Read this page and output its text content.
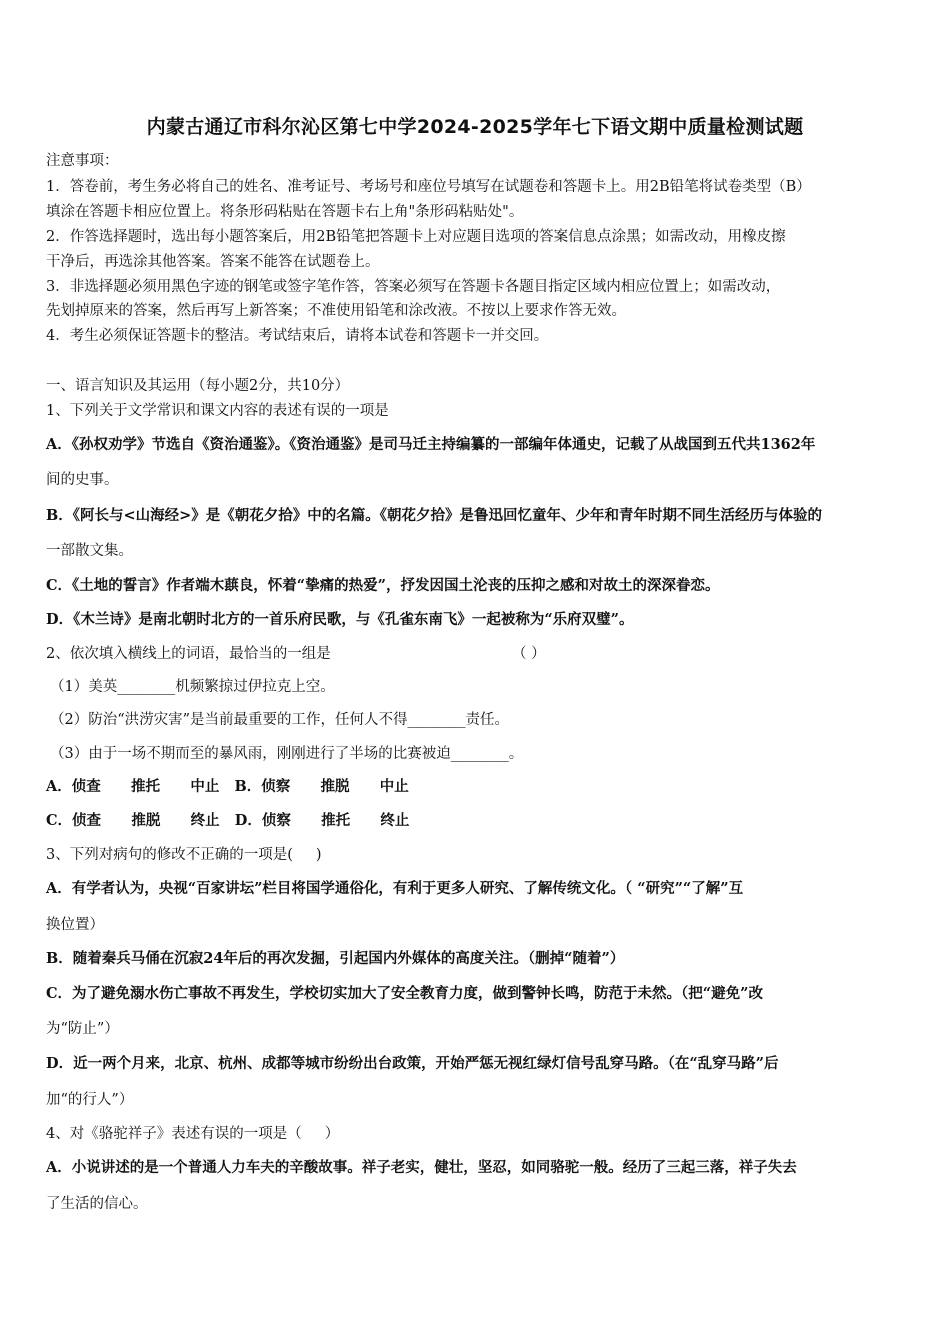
内蒙古通辽市科尔沁区第七中学2024-2025学年七下语文期中质量检测试题
注意事项：
1．答卷前，考生务必将自己的姓名、准考证号、考场号和座位号填写在试题卷和答题卡上。用2B铅笔将试卷类型（B）
填涂在答题卡相应位置上。将条形码粘贴在答题卡右上角"条形码粘贴处"。
2．作答选择题时，选出每小题答案后，用2B铅笔把答题卡上对应题目选项的答案信息点涂黑；如需改动，用橡皮擦
干净后，再选涂其他答案。答案不能答在试题卷上。
3．非选择题必须用黑色字迹的钢笔或签字笔作答，答案必须写在答题卡各题目指定区域内相应位置上；如需改动，
先划掉原来的答案，然后再写上新答案；不准使用铅笔和涂改液。不按以上要求作答无效。
4．考生必须保证答题卡的整洁。考试结束后，请将本试卷和答题卡一并交回。
一、语言知识及其运用（每小题2分，共10分）
1、下列关于文学常识和课文内容的表述有误的一项是
A．《孙权劝学》节选自《资治通鉴》。《资治通鉴》是司马迁主持编纂的一部编年体通史，记载了从战国到五代共1362年
间的史事。
B．《阿长与<山海经>》是《朝花夕拾》中的名篇。《朝花夕拾》是鲁迅回忆童年、少年和青年时期不同生活经历与体验的
一部散文集。
C．《土地的誓言》作者端木蕻良，怀着“挚痛的热爱”，抒发因国土沦丧的压抑之感和对故土的深深眷恋。
D．《木兰诗》是南北朝时北方的一首乐府民歌，与《孔雀东南飞》一起被称为“乐府双璧”。
2、依次填入横线上的词语，最恰当的一组是	（ ）
（1）美英________机频繁掠过伊拉克上空。
（2）防治“洪涝灾害”是当前最重要的工作，任何人不得________责任。
（3）由于一场不期而至的暴风雨，刚刚进行了半场的比赛被迫________。
A．侦查      推托      中止   B．侦察      推脱      中止
C．侦查      推脱      终止   D．侦察      推托      终止
3、下列对病句的修改不正确的一项是(     )
A．有学者认为，央视“百家讲坛”栏目将国学通俗化，有利于更多人研究、了解传统文化。（ “研究”“了解”互
换位置）
B．随着秦兵马俑在沉寂24年后的再次发掘，引起国内外媒体的高度关注。（删掉“随着”）
C．为了避免溺水伤亡事故不再发生，学校切实加大了安全教育力度，做到警钟长鸣，防范于未然。（把“避免”改
为“防止”）
D．近一两个月来，北京、杭州、成都等城市纷纷出台政策，开始严惩无视红绿灯信号乱穿马路。（在“乱穿马路”后
加“的行人”）
4、对《骆驼祥子》表述有误的一项是（     ）
A．小说讲述的是一个普通人力车夫的辛酸故事。祥子老实，健壮，坚忍，如同骆驼一般。经历了三起三落，祥子失去
了生活的信心。
